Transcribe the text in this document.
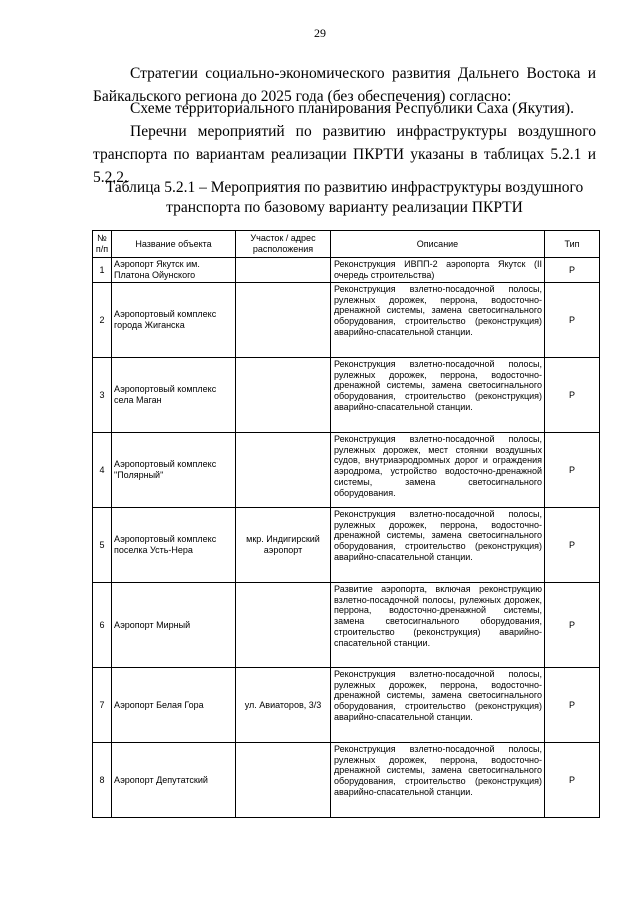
29

Стратегии социально-экономического развития Дальнего Востока и

Байкальского региона до 2025 года (без обеспечения) согласно:

Схеме территориального планирования Республики Саха (Якутия).

Перечни мероприятий по развитию инфраструктуры воздушного

транспорта по вариантам реализации ПКРТИ указаны в таблицах 5.2.1 и 5.2.2.

Таблица 5.2.1 – Мероприятия по развитию инфраструктуры воздушного
транспорта по базовому варианту реализации ПКРТИ
№ п/п	Название объекта	Участок / адрес расположения	Описание	Тип
1	Аэропорт Якутск им. Платона Ойунского		Реконструкция ИВПП-2 аэропорта Якутск (II очередь строительства)	Р
2	Аэропортовый комплекс города Жиганска		Реконструкция взлетно-посадочной полосы, рулежных дорожек, перрона, водосточно-дренажной системы, замена светосигнального оборудования, строительство (реконструкция) аварийно-спасательной станции.	Р
3	Аэропортовый комплекс села Маган		Реконструкция взлетно-посадочной полосы, рулежных дорожек, перрона, водосточно-дренажной системы, замена светосигнального оборудования, строительство (реконструкция) аварийно-спасательной станции.	Р
4	Аэропортовый комплекс "Полярный"		Реконструкция взлетно-посадочной полосы, рулежных дорожек, мест стоянки воздушных судов, внутриаэродромных дорог и ограждения аэродрома, устройство водосточно-дренажной системы, замена светосигнального оборудования.	Р
5	Аэропортовый комплекс поселка Усть-Нера	мкр. Индигирский аэропорт	Реконструкция взлетно-посадочной полосы, рулежных дорожек, перрона, водосточно-дренажной системы, замена светосигнального оборудования, строительство (реконструкция) аварийно-спасательной станции.	Р
6	Аэропорт Мирный		Развитие аэропорта, включая реконструкцию взлетно-посадочной полосы, рулежных дорожек, перрона, водосточно-дренажной системы, замена светосигнального оборудования, строительство (реконструкция) аварийно-спасательной станции.	Р
7	Аэропорт Белая Гора	ул. Авиаторов, 3/3	Реконструкция взлетно-посадочной полосы, рулежных дорожек, перрона, водосточно-дренажной системы, замена светосигнального оборудования, строительство (реконструкция) аварийно-спасательной станции.	Р
8	Аэропорт Депутатский		Реконструкция взлетно-посадочной полосы, рулежных дорожек, перрона, водосточно-дренажной системы, замена светосигнального оборудования, строительство (реконструкция) аварийно-спасательной станции.	Р
